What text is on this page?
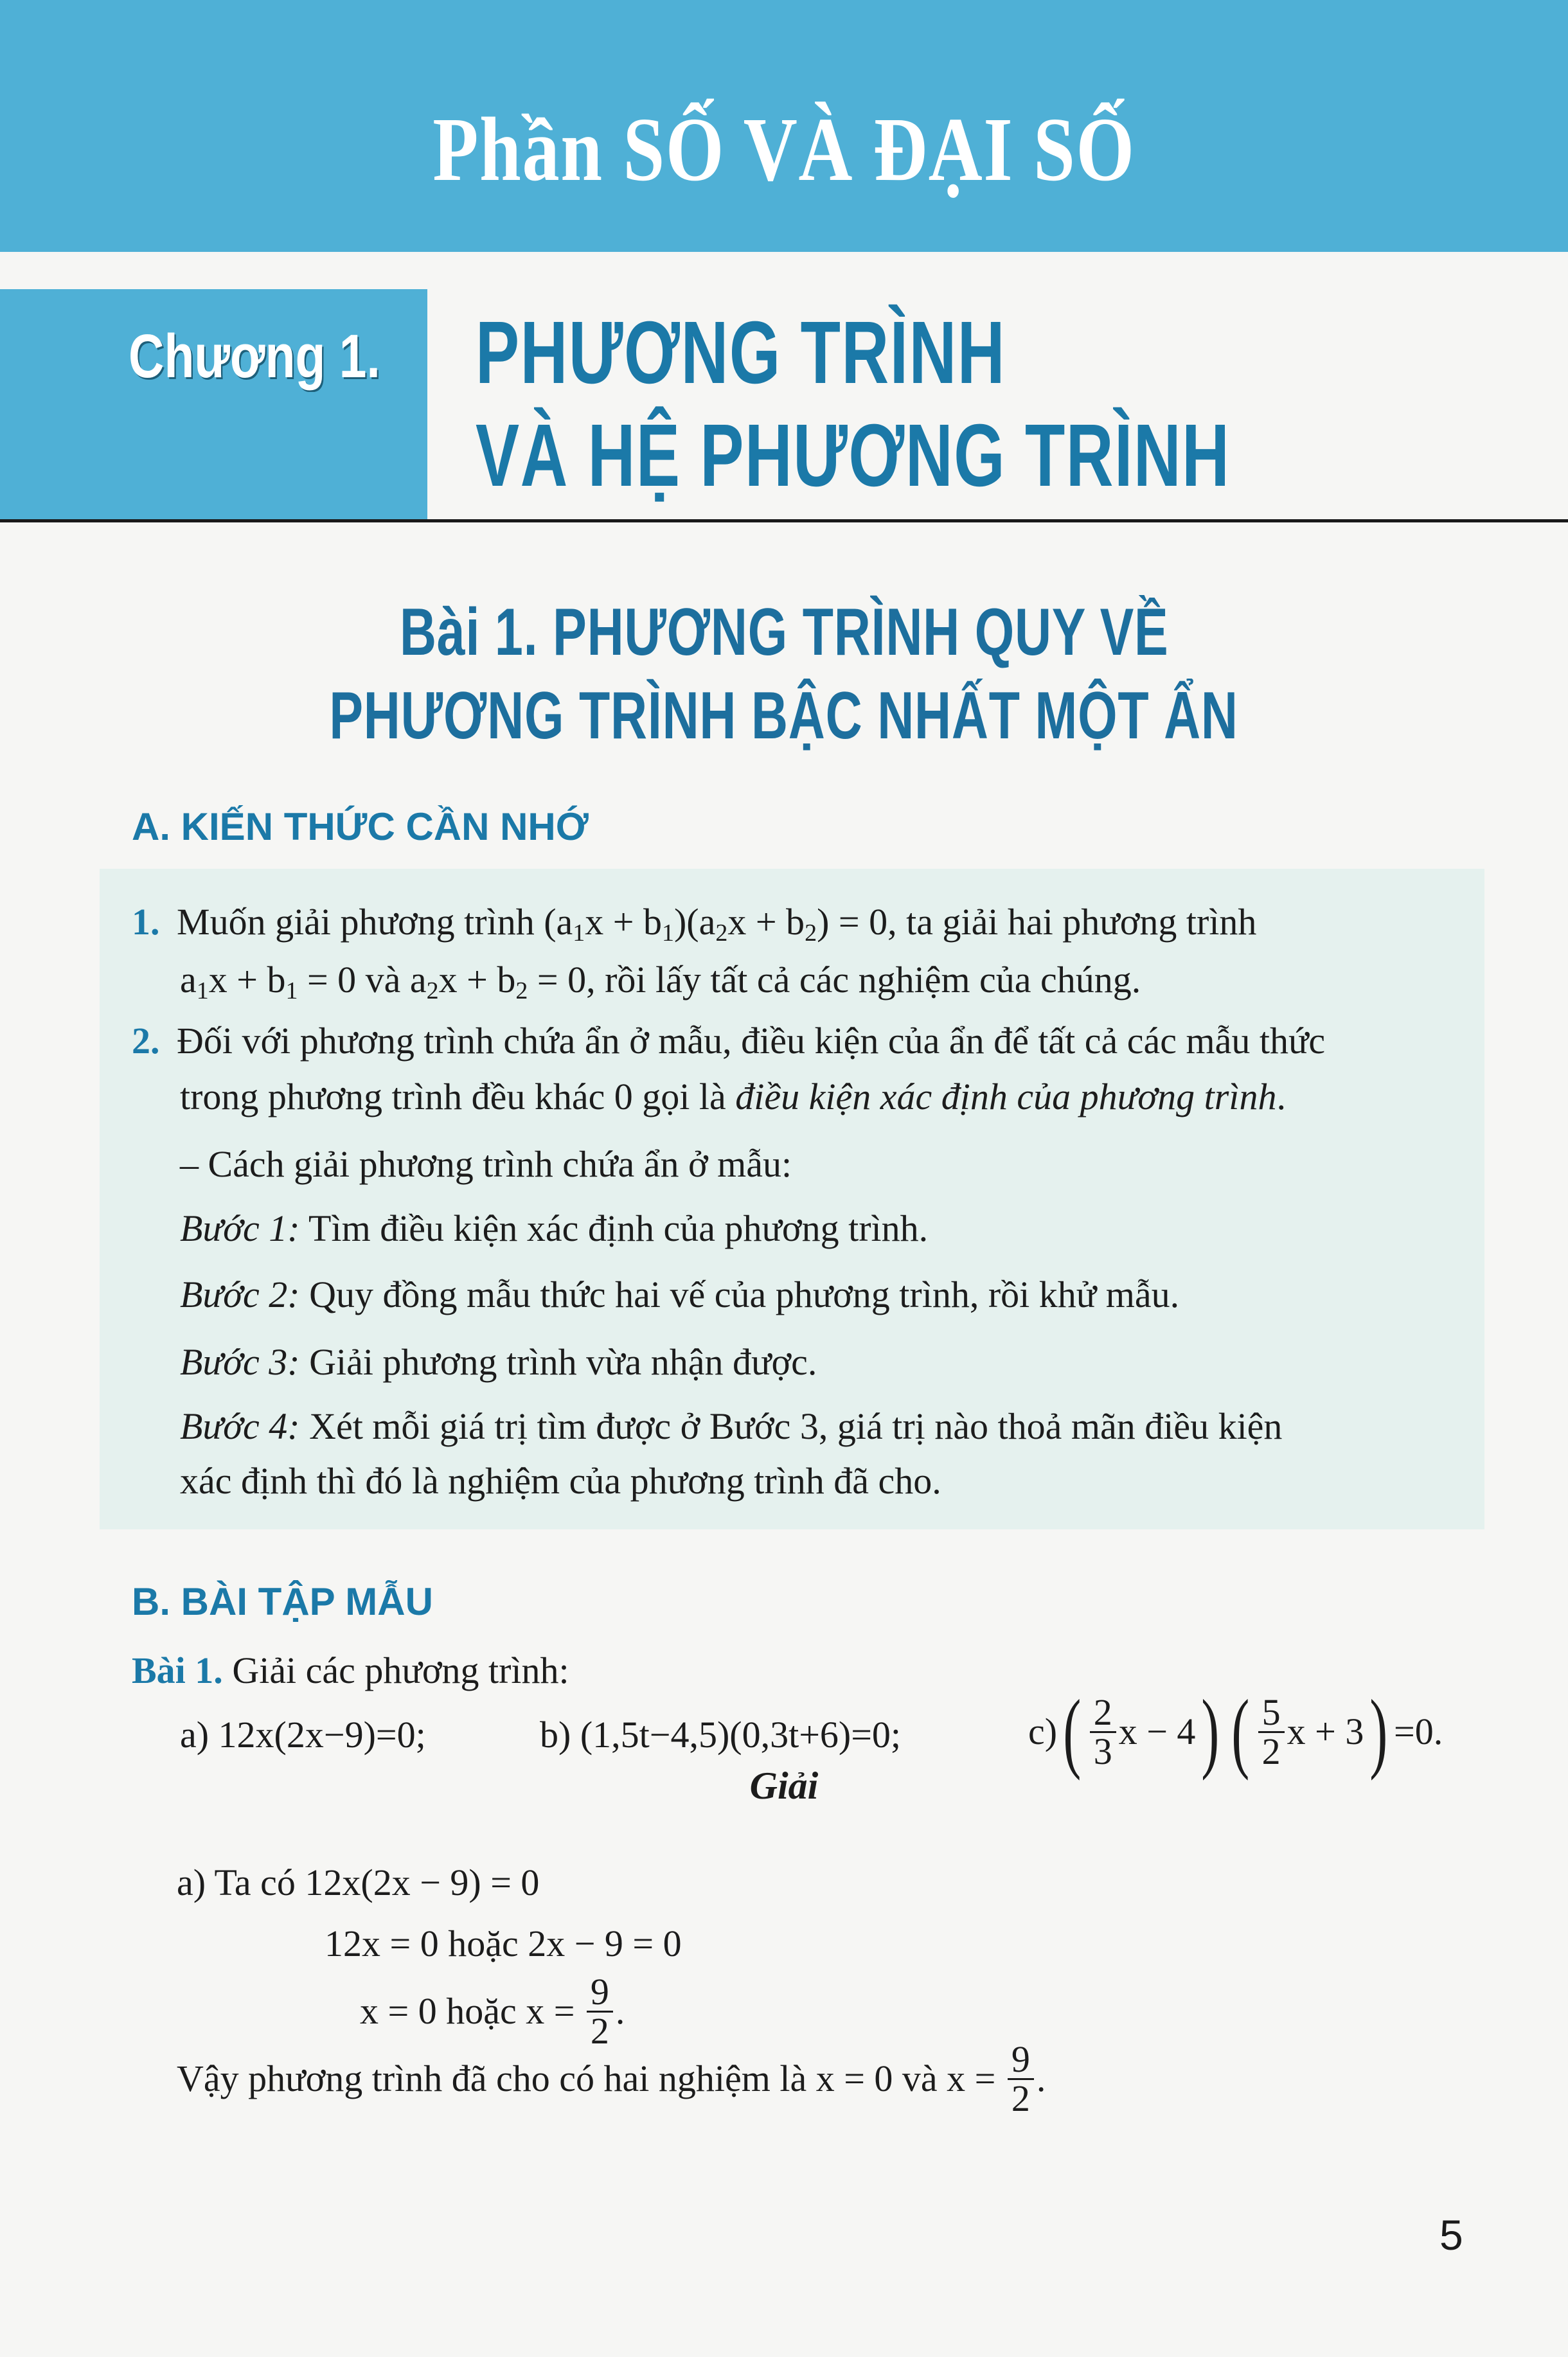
Phần SỐ VÀ ĐẠI SỐ
Chương 1. PHƯƠNG TRÌNH
VÀ HỆ PHƯƠNG TRÌNH
Bài 1. PHƯƠNG TRÌNH QUY VỀ
PHƯƠNG TRÌNH BẬC NHẤT MỘT ẨN
A. KIẾN THỨC CẦN NHỚ
1. Muốn giải phương trình $(a_1x + b_1)(a_2x + b_2) = 0$, ta giải hai phương trình
$a_1x + b_1 = 0$ và $a_2x + b_2 = 0$, rồi lấy tất cả các nghiệm của chúng.
2. Đối với phương trình chứa ẩn ở mẫu, điều kiện của ẩn để tất cả các mẫu thức
trong phương trình đều khác 0 gọi là điều kiện xác định của phương trình.
– Cách giải phương trình chứa ẩn ở mẫu:
Bước 1: Tìm điều kiện xác định của phương trình.
Bước 2: Quy đồng mẫu thức hai vế của phương trình, rồi khử mẫu.
Bước 3: Giải phương trình vừa nhận được.
Bước 4: Xét mỗi giá trị tìm được ở Bước 3, giá trị nào thoả mãn điều kiện
xác định thì đó là nghiệm của phương trình đã cho.
B. BÀI TẬP MẪU
Bài 1. Giải các phương trình:
a) 12x(2x−9)=0;	b) (1,5t−4,5)(0,3t+6)=0;	c) ( $\frac{2}{3}$ x − 4 ) ( $\frac{5}{2}$ x + 3 ) =0.
Giải
a) Ta có 12x(2x − 9) = 0
12x = 0 hoặc 2x − 9 = 0
x = 0 hoặc x =
$\frac{9}{2}$ .
Vậy phương trình đã cho có hai nghiệm là x = 0 và x =
$\frac{9}{2}$ .
5
